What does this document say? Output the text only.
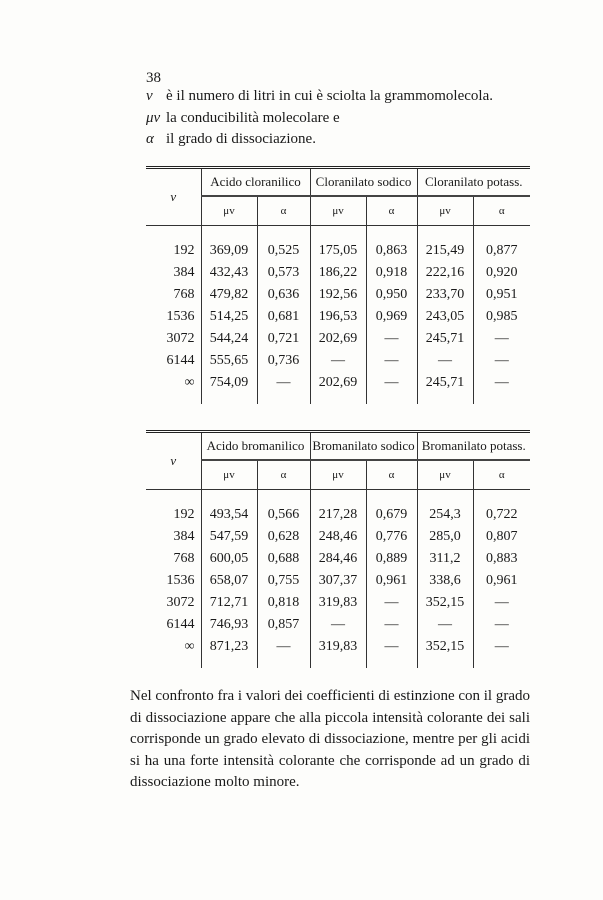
38
v è il numero di litri in cui è sciolta la grammomolecola.
μv la conducibilità molecolare e
α il grado di dissociazione.
v	Acido cloranilico		Cloranilato sodico		Cloranilato potass.	
	μv	α	μv	α	μv	α

192	369,09	0,525	175,05	0,863	215,49	0,877
384	432,43	0,573	186,22	0,918	222,16	0,920
768	479,82	0,636	192,56	0,950	233,70	0,951
1536	514,25	0,681	196,53	0,969	243,05	0,985
3072	544,24	0,721	202,69	—	245,71	—
6144	555,65	0,736	—	—	—	—
∞	754,09	—	202,69	—	245,71	—

v	Acido bromanilico		Bromanilato sodico		Bromanilato potass.	
	μv	α	μv	α	μv	α

192	493,54	0,566	217,28	0,679	254,3	0,722
384	547,59	0,628	248,46	0,776	285,0	0,807
768	600,05	0,688	284,46	0,889	311,2	0,883
1536	658,07	0,755	307,37	0,961	338,6	0,961
3072	712,71	0,818	319,83	—	352,15	—
6144	746,93	0,857	—	—	—	—
∞	871,23	—	319,83	—	352,15	—

Nel confronto fra i valori dei coefficienti di estinzione con il grado di dissociazione appare che alla piccola intensità colorante dei sali corrisponde un grado elevato di dissociazione, mentre per gli acidi si ha una forte intensità colorante che corrisponde ad un grado di dissociazione molto minore.
